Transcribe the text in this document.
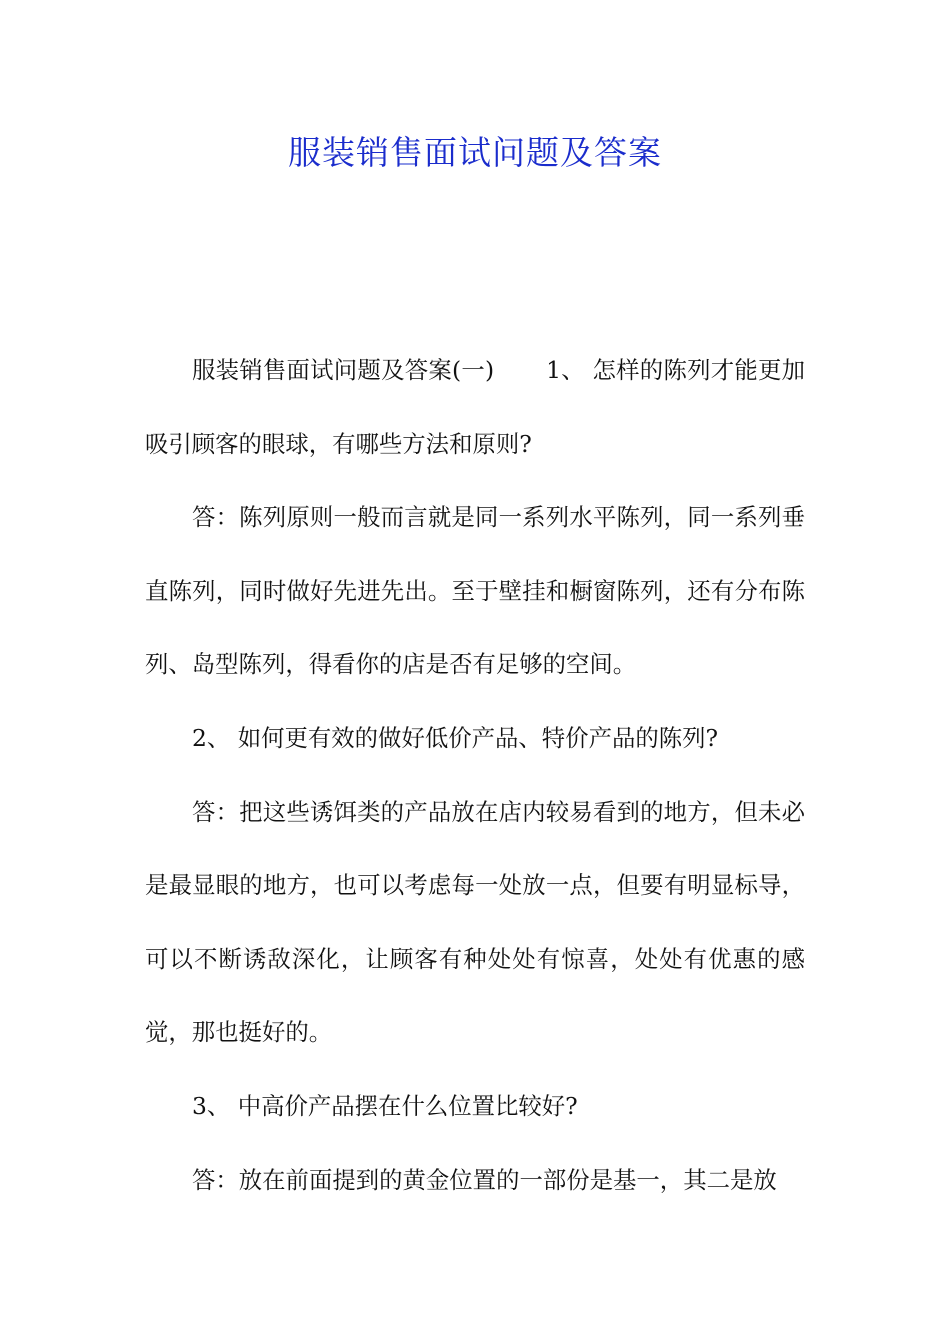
服装销售面试问题及答案

服装销售面试问题及答案(一) 1、 怎样的陈列才能更加吸引顾客的眼球，有哪些方法和原则?

答：陈列原则一般而言就是同一系列水平陈列，同一系列垂直陈列，同时做好先进先出。至于壁挂和橱窗陈列，还有分布陈列、岛型陈列，得看你的店是否有足够的空间。

2、 如何更有效的做好低价产品、特价产品的陈列?

答：把这些诱饵类的产品放在店内较易看到的地方，但未必是最显眼的地方，也可以考虑每一处放一点，但要有明显标导，可以不断诱敌深化，让顾客有种处处有惊喜，处处有优惠的感觉，那也挺好的。

3、 中高价产品摆在什么位置比较好?

答：放在前面提到的黄金位置的一部份是基一，其二是放
